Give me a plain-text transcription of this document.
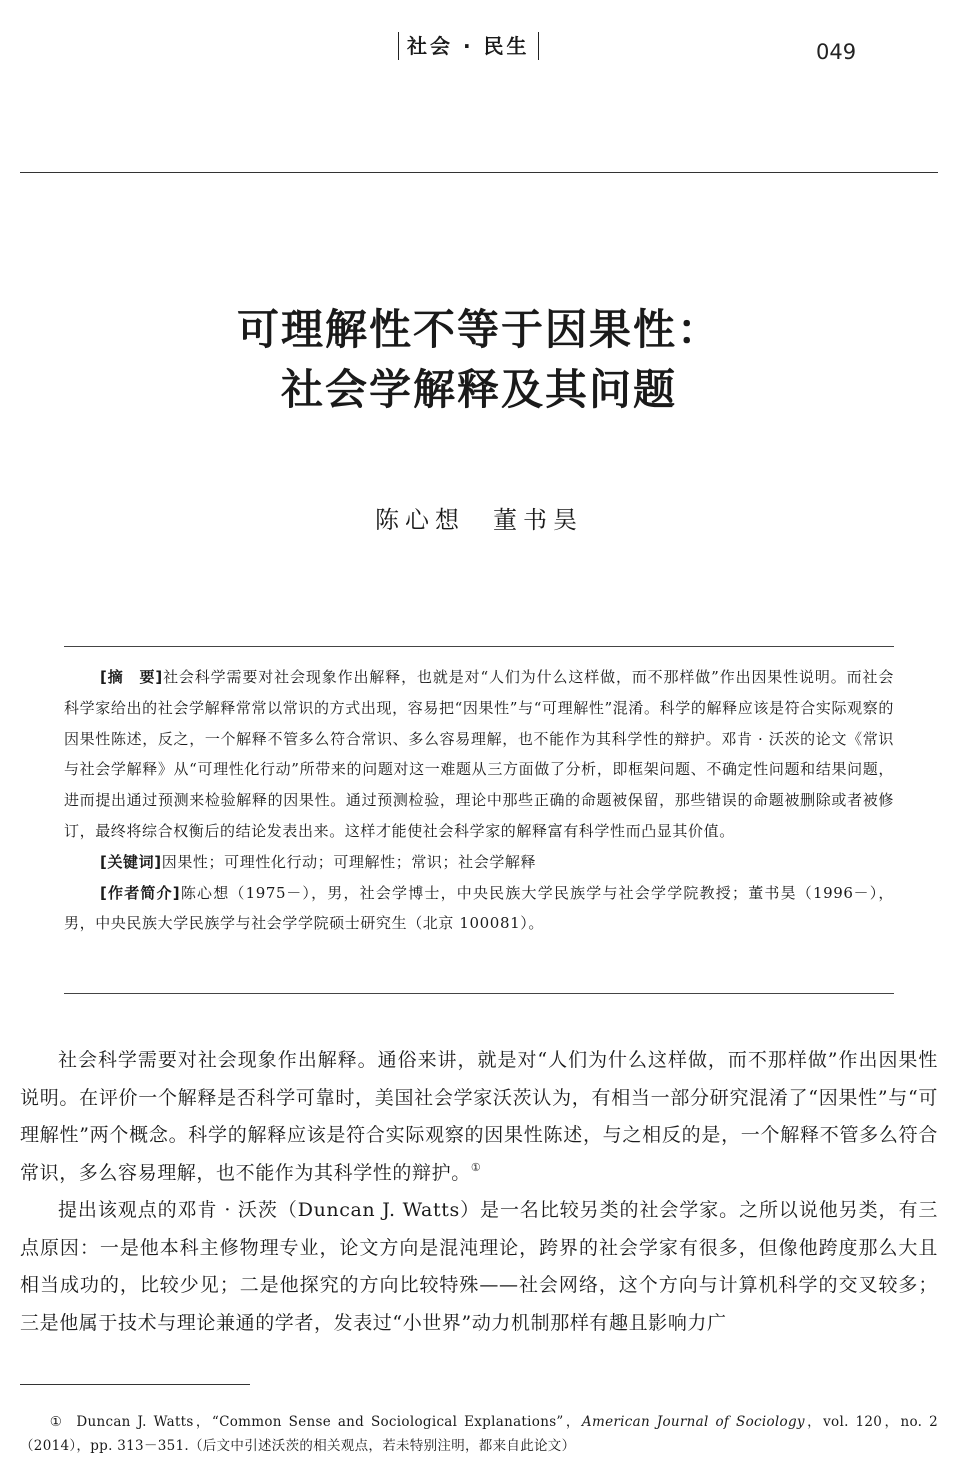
社会 · 民生	049
可理解性不等于因果性：
社会学解释及其问题
陈心想 董书昊

[摘　要]社会科学需要对社会现象作出解释，也就是对“人们为什么这样做，而不那样做”作出因果性说明。而社会科学家给出的社会学解释常常以常识的方式出现，容易把“因果性”与“可理解性”混淆。科学的解释应该是符合实际观察的因果性陈述，反之，一个解释不管多么符合常识、多么容易理解，也不能作为其科学性的辩护。邓肯 · 沃茨的论文《常识与社会学解释》从“可理性化行动”所带来的问题对这一难题从三方面做了分析，即框架问题、不确定性问题和结果问题，进而提出通过预测来检验解释的因果性。通过预测检验，理论中那些正确的命题被保留，那些错误的命题被删除或者被修订，最终将综合权衡后的结论发表出来。这样才能使社会科学家的解释富有科学性而凸显其价值。

[关键词]因果性；可理性化行动；可理解性；常识；社会学解释

[作者简介]陈心想（1975－），男，社会学博士，中央民族大学民族学与社会学学院教授；董书昊（1996－），男，中央民族大学民族学与社会学学院硕士研究生（北京 100081）。

社会科学需要对社会现象作出解释。通俗来讲，就是对“人们为什么这样做，而不那样做”作出因果性说明。在评价一个解释是否科学可靠时，美国社会学家沃茨认为，有相当一部分研究混淆了“因果性”与“可理解性”两个概念。科学的解释应该是符合实际观察的因果性陈述，与之相反的是，一个解释不管多么符合常识，多么容易理解，也不能作为其科学性的辩护。①

提出该观点的邓肯 · 沃茨（Duncan J. Watts）是一名比较另类的社会学家。之所以说他另类，有三点原因：一是他本科主修物理专业，论文方向是混沌理论，跨界的社会学家有很多，但像他跨度那么大且相当成功的，比较少见；二是他探究的方向比较特殊——社会网络，这个方向与计算机科学的交叉较多；三是他属于技术与理论兼通的学者，发表过“小世界”动力机制那样有趣且影响力广

① Duncan J. Watts，“Common Sense and Sociological Explanations”，American Journal of Sociology，vol. 120，no. 2（2014），pp. 313－351.（后文中引述沃茨的相关观点，若未特别注明，都来自此论文）
